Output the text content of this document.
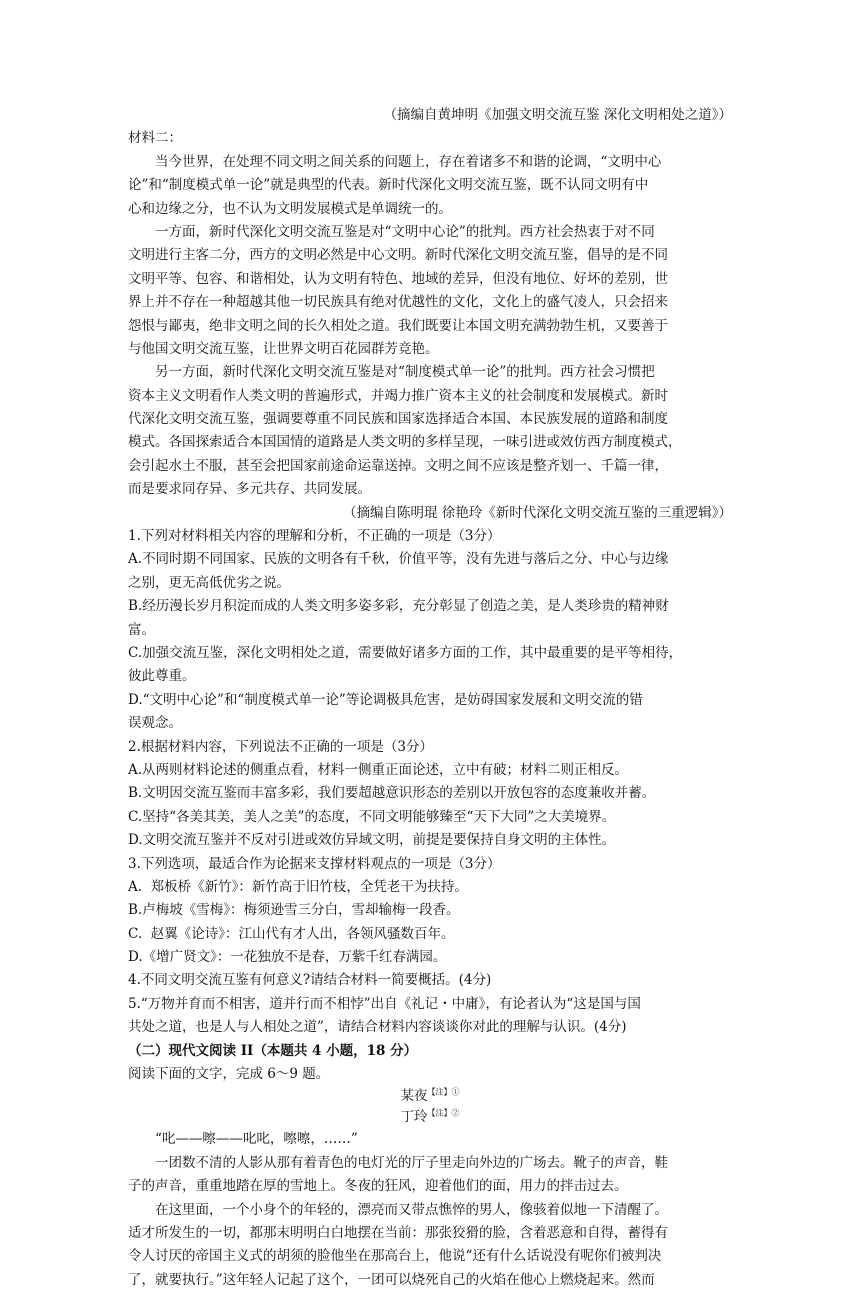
（摘编自黄坤明《加强文明交流互鉴 深化文明相处之道》）
材料二：
　　当今世界，在处理不同文明之间关系的问题上，存在着诸多不和谐的论调，“文明中心
论”和“制度模式单一论”就是典型的代表。新时代深化文明交流互鉴，既不认同文明有中
心和边缘之分，也不认为文明发展模式是单调统一的。
　　一方面，新时代深化文明交流互鉴是对“文明中心论”的批判。西方社会热衷于对不同
文明进行主客二分，西方的文明必然是中心文明。新时代深化文明交流互鉴，倡导的是不同
文明平等、包容、和谐相处，认为文明有特色、地域的差异，但没有地位、好坏的差别，世
界上并不存在一种超越其他一切民族具有绝对优越性的文化，文化上的盛气凌人，只会招来
怨恨与鄙夷，绝非文明之间的长久相处之道。我们既要让本国文明充满勃勃生机，又要善于
与他国文明交流互鉴，让世界文明百花园群芳竞艳。
　　另一方面，新时代深化文明交流互鉴是对“制度模式单一论”的批判。西方社会习惯把
资本主义文明看作人类文明的普遍形式，并竭力推广资本主义的社会制度和发展模式。新时
代深化文明交流互鉴，强调要尊重不同民族和国家选择适合本国、本民族发展的道路和制度
模式。各国探索适合本国国情的道路是人类文明的多样呈现，一味引进或效仿西方制度模式，
会引起水土不服，甚至会把国家前途命运靠送掉。文明之间不应该是整齐划一、千篇一律，
而是要求同存异、多元共存、共同发展。
（摘编自陈明琨 徐艳玲《新时代深化文明交流互鉴的三重逻辑》）
1.下列对材料相关内容的理解和分析，不正确的一项是（3分）
A.不同时期不同国家、民族的文明各有千秋，价值平等，没有先进与落后之分、中心与边缘
之别，更无高低优劣之说。
B.经历漫长岁月积淀而成的人类文明多姿多彩，充分彰显了创造之美，是人类珍贵的精神财
富。
C.加强交流互鉴，深化文明相处之道，需要做好诸多方面的工作，其中最重要的是平等相待，
彼此尊重。
D.“文明中心论”和“制度模式单一论”等论调极具危害，是妨碍国家发展和文明交流的错
误观念。
2.根据材料内容，下列说法不正确的一项是（3分）
A.从两则材料论述的侧重点看，材料一侧重正面论述，立中有破；材料二则正相反。
B.文明因交流互鉴而丰富多彩，我们要超越意识形态的差别以开放包容的态度兼收并蓄。
C.坚持“各美其美，美人之美”的态度，不同文明能够臻至“天下大同”之大美境界。
D.文明交流互鉴并不反对引进或效仿异域文明，前提是要保持自身文明的主体性。
3.下列选项，最适合作为论据来支撑材料观点的一项是（3分）
A.  郑板桥《新竹》：新竹高于旧竹枝，全凭老干为扶持。
B.卢梅坡《雪梅》：梅须逊雪三分白，雪却输梅一段香。
C.  赵翼《论诗》：江山代有才人出，各领风骚数百年。
D.《增广贤文》：一花独放不是春，万紫千红春满园。
4.不同文明交流互鉴有何意义?请结合材料一简要概括。(4分)
5.“万物并育而不相害，道并行而不相悖”出自《礼记・中庸》，有论者认为“这是国与国
共处之道，也是人与人相处之道”，请结合材料内容谈谈你对此的理解与认识。(4分)
（二）现代文阅读 II（本题共 4 小题，18 分）
阅读下面的文字，完成 6～9 题。
某夜$^{【注】①}$
丁玲$^{【注】②}$
　　“叱——嚓——叱叱，嚓嚓，……”
　　一团数不清的人影从那有着青色的电灯光的厅子里走向外边的广场去。靴子的声音，鞋
子的声音，重重地踏在厚的雪地上。冬夜的狂风，迎着他们的面，用力的拌击过去。
　　在这里面，一个小身个的年轻的，漂亮而又带点憔悴的男人，像骇着似地一下清醒了。
适才所发生的一切，都那末明明白白地摆在当前：那张狡猾的脸，含着恶意和自得，蓄得有
令人讨厌的帝国主义式的胡须的脸他坐在那高台上，他说“还有什么话说没有呢你们被判决
了，就要执行。”这年轻人记起了这个，一团可以烧死自己的火焰在他心上燃烧起来。然而
